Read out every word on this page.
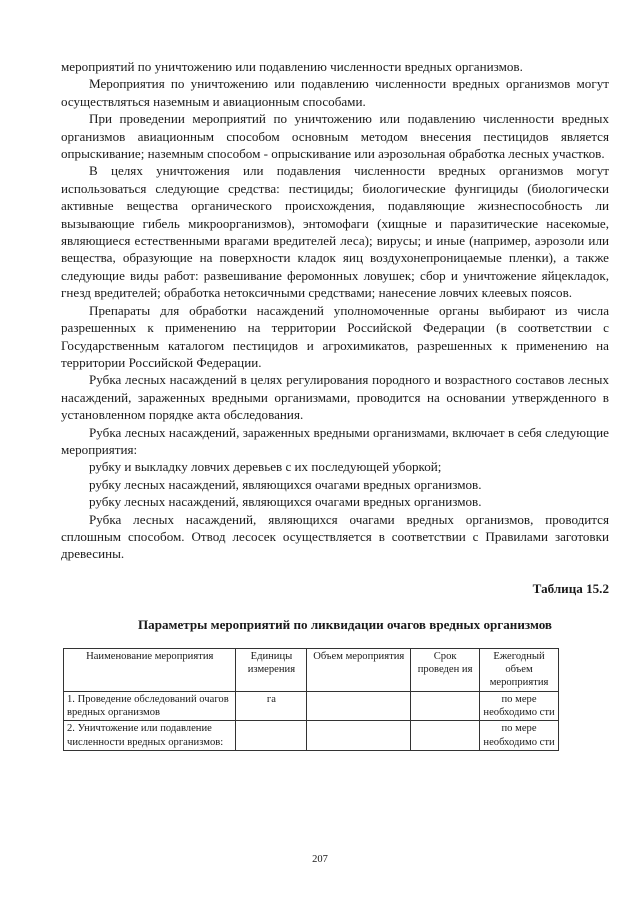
мероприятий по уничтожению или подавлению численности вредных организмов.

Мероприятия по уничтожению или подавлению численности вредных организмов могут осуществляться наземным и авиационным способами.

При проведении мероприятий по уничтожению или подавлению численности вредных организмов авиационным способом основным методом внесения пестицидов является опрыскивание; наземным способом - опрыскивание или аэрозольная обработка лесных участков.

В целях уничтожения или подавления численности вредных организмов могут использоваться следующие средства: пестициды; биологические фунгициды (биологически активные вещества органического происхождения, подавляющие жизнеспособность ли вызывающие гибель микроорганизмов), энтомофаги (хищные и паразитические насекомые, являющиеся естественными врагами вредителей леса); вирусы; и иные (например, аэрозоли или вещества, образующие на поверхности кладок яиц воздухонепроницаемые пленки), а также следующие виды работ: развешивание феромонных ловушек; сбор и уничтожение яйцекладок, гнезд вредителей; обработка нетоксичными средствами; нанесение ловчих клеевых поясов.

Препараты для обработки насаждений уполномоченные органы выбирают из числа разрешенных к применению на территории Российской Федерации (в соответствии с Государственным каталогом пестицидов и агрохимикатов, разрешенных к применению на территории Российской Федерации.

Рубка лесных насаждений в целях регулирования породного и возрастного составов лесных насаждений, зараженных вредными организмами, проводится на основании утвержденного в установленном порядке акта обследования.

Рубка лесных насаждений, зараженных вредными организмами, включает в себя следующие мероприятия:

рубку и выкладку ловчих деревьев с их последующей уборкой;

рубку лесных насаждений, являющихся очагами вредных организмов.

рубку лесных насаждений, являющихся очагами вредных организмов.

Рубка лесных насаждений, являющихся очагами вредных организмов, проводится сплошным способом. Отвод лесосек осуществляется в соответствии с Правилами заготовки древесины.

Таблица 15.2
Параметры мероприятий по ликвидации очагов вредных организмов
Наименование мероприятия	Единицы измерения	Объем мероприятия	Срок проведен ия	Ежегодный объем мероприятия
1. Проведение обследований очагов вредных организмов	га			по мере необходимо сти
2. Уничтожение или подавление численности вредных организмов:				по мере необходимо сти
207
